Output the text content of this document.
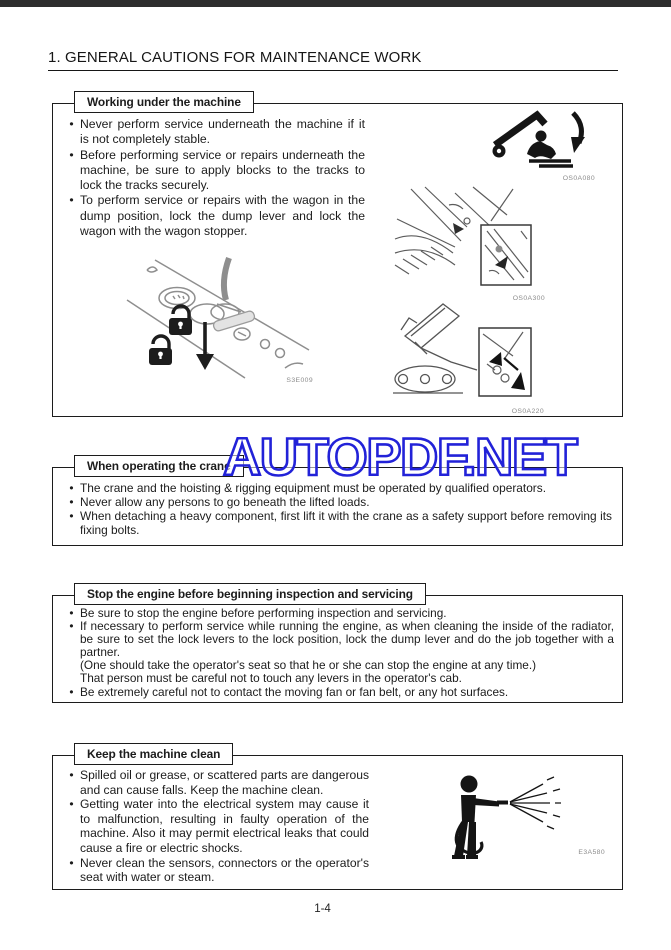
1. GENERAL CAUTIONS FOR MAINTENANCE WORK
Working under the machine
• Never perform service underneath the machine if it is not completely stable.
• Before performing service or repairs underneath the machine, be sure to apply blocks to the tracks to lock the tracks securely.
• To perform service or repairs with the wagon in the dump position, lock the dump lever and lock the wagon with the wagon stopper.
OS0A080
OS0A300
OS0A220
S3E009
When operating the crane
• The crane and the hoisting & rigging equipment must be operated by qualified operators.
• Never allow any persons to go beneath the lifted loads.
• When detaching a heavy component, first lift it with the crane as a safety support before removing its fixing bolts.
AUTOPDF.NET
Stop the engine before beginning inspection and servicing
• Be sure to stop the engine before performing inspection and servicing.
• If necessary to perform service while running the engine, as when cleaning the inside of the radiator, be sure to set the lock levers to the lock position, lock the dump lever and do the job together with a partner.
(One should take the operator's seat so that he or she can stop the engine at any time.)
That person must be careful not to touch any levers in the operator's cab.
• Be extremely careful not to contact the moving fan or fan belt, or any hot surfaces.
Keep the machine clean
• Spilled oil or grease, or scattered parts are dangerous and can cause falls. Keep the machine clean.
• Getting water into the electrical system may cause it to malfunction, resulting in faulty operation of the machine. Also it may permit electrical leaks that could cause a fire or electric shocks.
• Never clean the sensors, connectors or the operator's seat with water or steam.
E3A580
1-4
